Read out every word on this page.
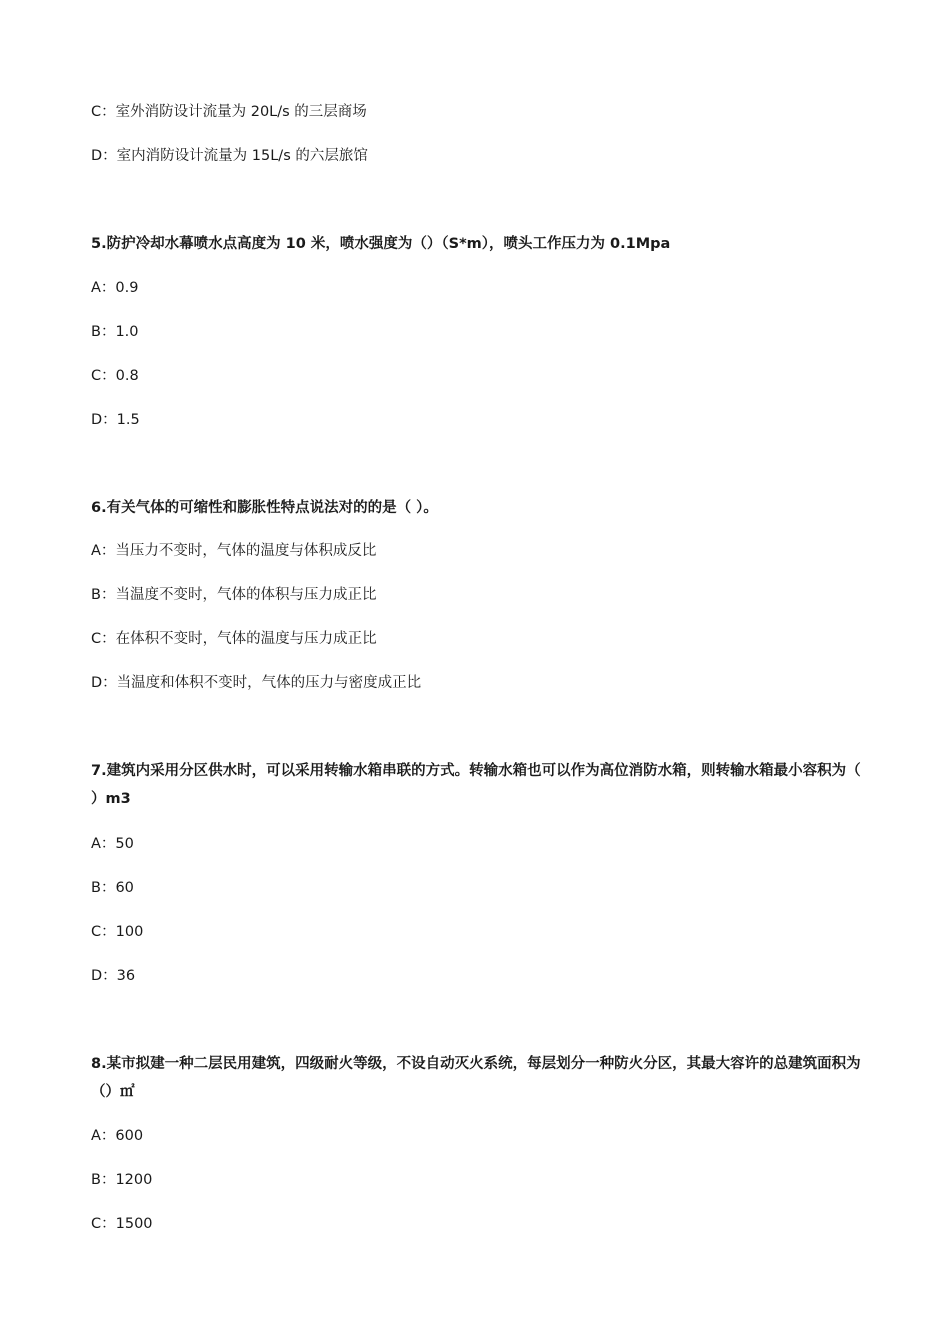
C：室外消防设计流量为 20L/s 的三层商场
D：室内消防设计流量为 15L/s 的六层旅馆
5.防护冷却水幕喷水点高度为 10 米，喷水强度为（）（S*m），喷头工作压力为 0.1Mpa
A：0.9
B：1.0
C：0.8
D：1.5
6.有关气体的可缩性和膨胀性特点说法对的的是（ ）。
A：当压力不变时，气体的温度与体积成反比
B：当温度不变时，气体的体积与压力成正比
C：在体积不变时，气体的温度与压力成正比
D：当温度和体积不变时，气体的压力与密度成正比
7.建筑内采用分区供水时，可以采用转输水箱串联的方式。转输水箱也可以作为高位消防水箱，则转输水箱最小容积为（ ）m3
A：50
B：60
C：100
D：36
8.某市拟建一种二层民用建筑，四级耐火等级，不设自动灭火系统，每层划分一种防火分区，其最大容许的总建筑面积为（）㎡
A：600
B：1200
C：1500
